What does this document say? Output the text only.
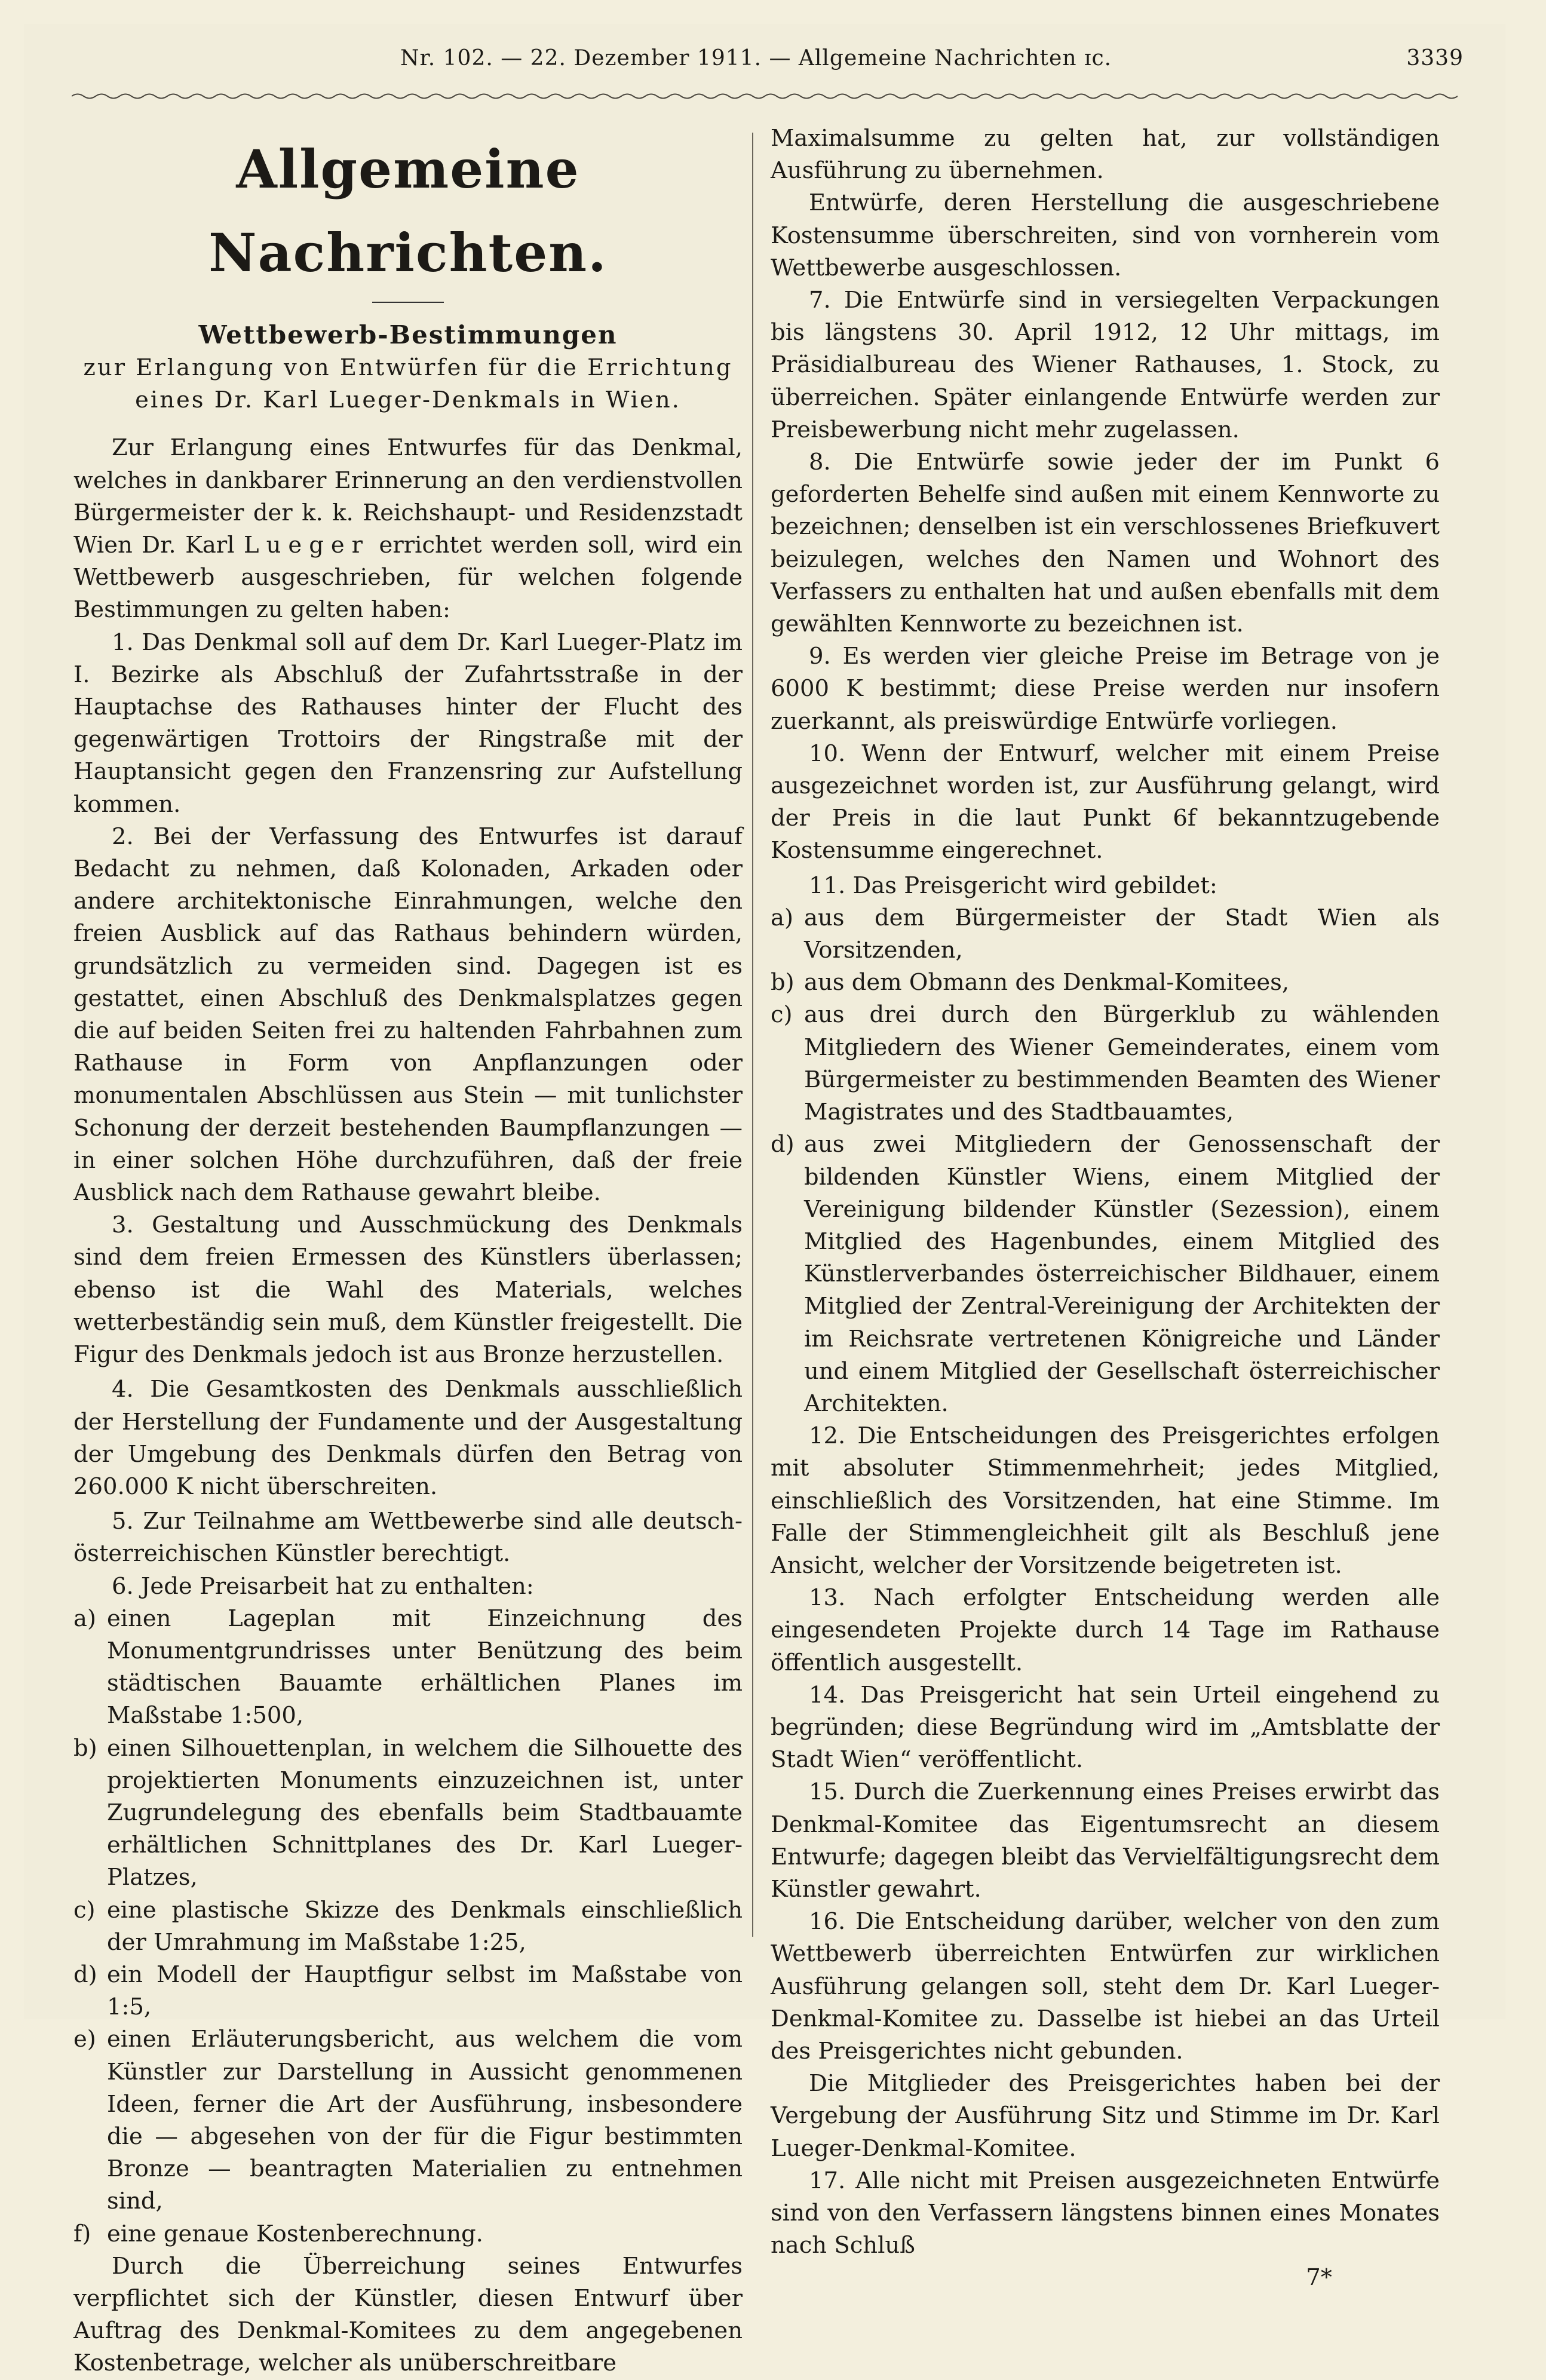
Nr. 102. — 22. Dezember 1911. — Allgemeine Nachrichten ɪc.	3339
Allgemeine Nachrichten.

Wettbewerb-Bestimmungen

zur Erlangung von Entwürfen für die Errichtung

eines Dr. Karl Lueger-Denkmals in Wien.

Zur Erlangung eines Entwurfes für das Denkmal, welches in dankbarer Erinnerung an den verdienstvollen Bürgermeister der k. k. Reichshaupt- und Residenzstadt Wien Dr. Karl Lueger errichtet werden soll, wird ein Wettbewerb ausgeschrieben, für welchen folgende Bestimmungen zu gelten haben:

1. Das Denkmal soll auf dem Dr. Karl Lueger-Platz im I. Bezirke als Abschluß der Zufahrtsstraße in der Hauptachse des Rathauses hinter der Flucht des gegenwärtigen Trottoirs der Ringstraße mit der Hauptansicht gegen den Franzensring zur Aufstellung kommen.

2. Bei der Verfassung des Entwurfes ist darauf Bedacht zu nehmen, daß Kolonaden, Arkaden oder andere architektonische Einrahmungen, welche den freien Ausblick auf das Rathaus behindern würden, grundsätzlich zu vermeiden sind. Dagegen ist es gestattet, einen Abschluß des Denkmalsplatzes gegen die auf beiden Seiten frei zu haltenden Fahrbahnen zum Rathause in Form von Anpflanzungen oder monumentalen Abschlüssen aus Stein — mit tunlichster Schonung der derzeit bestehenden Baumpflanzungen — in einer solchen Höhe durchzuführen, daß der freie Ausblick nach dem Rathause gewahrt bleibe.

3. Gestaltung und Ausschmückung des Denkmals sind dem freien Ermessen des Künstlers überlassen; ebenso ist die Wahl des Materials, welches wetterbeständig sein muß, dem Künstler freigestellt. Die Figur des Denkmals jedoch ist aus Bronze herzustellen.

4. Die Gesamtkosten des Denkmals ausschließlich der Herstellung der Fundamente und der Ausgestaltung der Umgebung des Denkmals dürfen den Betrag von 260.000 K nicht überschreiten.

5. Zur Teilnahme am Wettbewerbe sind alle deutsch-österreichischen Künstler berechtigt.

6. Jede Preisarbeit hat zu enthalten:

a) einen Lageplan mit Einzeichnung des Monumentgrundrisses unter Benützung des beim städtischen Bauamte erhältlichen Planes im Maßstabe 1:500,
b) einen Silhouettenplan, in welchem die Silhouette des projektierten Monuments einzuzeichnen ist, unter Zugrundelegung des ebenfalls beim Stadtbauamte erhältlichen Schnittplanes des Dr. Karl Lueger-Platzes,
c) eine plastische Skizze des Denkmals einschließlich der Umrahmung im Maßstabe 1:25,
d) ein Modell der Hauptfigur selbst im Maßstabe von 1:5,
e) einen Erläuterungsbericht, aus welchem die vom Künstler zur Darstellung in Aussicht genommenen Ideen, ferner die Art der Ausführung, insbesondere die — abgesehen von der für die Figur bestimmten Bronze — beantragten Materialien zu entnehmen sind,
f) eine genaue Kostenberechnung.

Durch die Überreichung seines Entwurfes verpflichtet sich der Künstler, diesen Entwurf über Auftrag des Denkmal-Komitees zu dem angegebenen Kostenbetrage, welcher als unüberschreitbare

Maximalsumme zu gelten hat, zur vollständigen Ausführung zu übernehmen.

Entwürfe, deren Herstellung die ausgeschriebene Kostensumme überschreiten, sind von vornherein vom Wettbewerbe ausgeschlossen.

7. Die Entwürfe sind in versiegelten Verpackungen bis längstens 30. April 1912, 12 Uhr mittags, im Präsidialbureau des Wiener Rathauses, 1. Stock, zu überreichen. Später einlangende Entwürfe werden zur Preisbewerbung nicht mehr zugelassen.

8. Die Entwürfe sowie jeder der im Punkt 6 geforderten Behelfe sind außen mit einem Kennworte zu bezeichnen; denselben ist ein verschlossenes Briefkuvert beizulegen, welches den Namen und Wohnort des Verfassers zu enthalten hat und außen ebenfalls mit dem gewählten Kennworte zu bezeichnen ist.

9. Es werden vier gleiche Preise im Betrage von je 6000 K bestimmt; diese Preise werden nur insofern zuerkannt, als preiswürdige Entwürfe vorliegen.

10. Wenn der Entwurf, welcher mit einem Preise ausgezeichnet worden ist, zur Ausführung gelangt, wird der Preis in die laut Punkt 6f bekanntzugebende Kostensumme eingerechnet.

11. Das Preisgericht wird gebildet:

a) aus dem Bürgermeister der Stadt Wien als Vorsitzenden,
b) aus dem Obmann des Denkmal-Komitees,
c) aus drei durch den Bürgerklub zu wählenden Mitgliedern des Wiener Gemeinderates, einem vom Bürgermeister zu bestimmenden Beamten des Wiener Magistrates und des Stadtbauamtes,
d) aus zwei Mitgliedern der Genossenschaft der bildenden Künstler Wiens, einem Mitglied der Vereinigung bildender Künstler (Sezession), einem Mitglied des Hagenbundes, einem Mitglied des Künstlerverbandes österreichischer Bildhauer, einem Mitglied der Zentral-Vereinigung der Architekten der im Reichsrate vertretenen Königreiche und Länder und einem Mitglied der Gesellschaft österreichischer Architekten.

12. Die Entscheidungen des Preisgerichtes erfolgen mit absoluter Stimmenmehrheit; jedes Mitglied, einschließlich des Vorsitzenden, hat eine Stimme. Im Falle der Stimmengleichheit gilt als Beschluß jene Ansicht, welcher der Vorsitzende beigetreten ist.

13. Nach erfolgter Entscheidung werden alle eingesendeten Projekte durch 14 Tage im Rathause öffentlich ausgestellt.

14. Das Preisgericht hat sein Urteil eingehend zu begründen; diese Begründung wird im „Amtsblatte der Stadt Wien“ veröffentlicht.

15. Durch die Zuerkennung eines Preises erwirbt das Denkmal-Komitee das Eigentumsrecht an diesem Entwurfe; dagegen bleibt das Vervielfältigungsrecht dem Künstler gewahrt.

16. Die Entscheidung darüber, welcher von den zum Wettbewerb überreichten Entwürfen zur wirklichen Ausführung gelangen soll, steht dem Dr. Karl Lueger-Denkmal-Komitee zu. Dasselbe ist hiebei an das Urteil des Preisgerichtes nicht gebunden.

Die Mitglieder des Preisgerichtes haben bei der Vergebung der Ausführung Sitz und Stimme im Dr. Karl Lueger-Denkmal-Komitee.

17. Alle nicht mit Preisen ausgezeichneten Entwürfe sind von den Verfassern längstens binnen eines Monates nach Schluß

7*
